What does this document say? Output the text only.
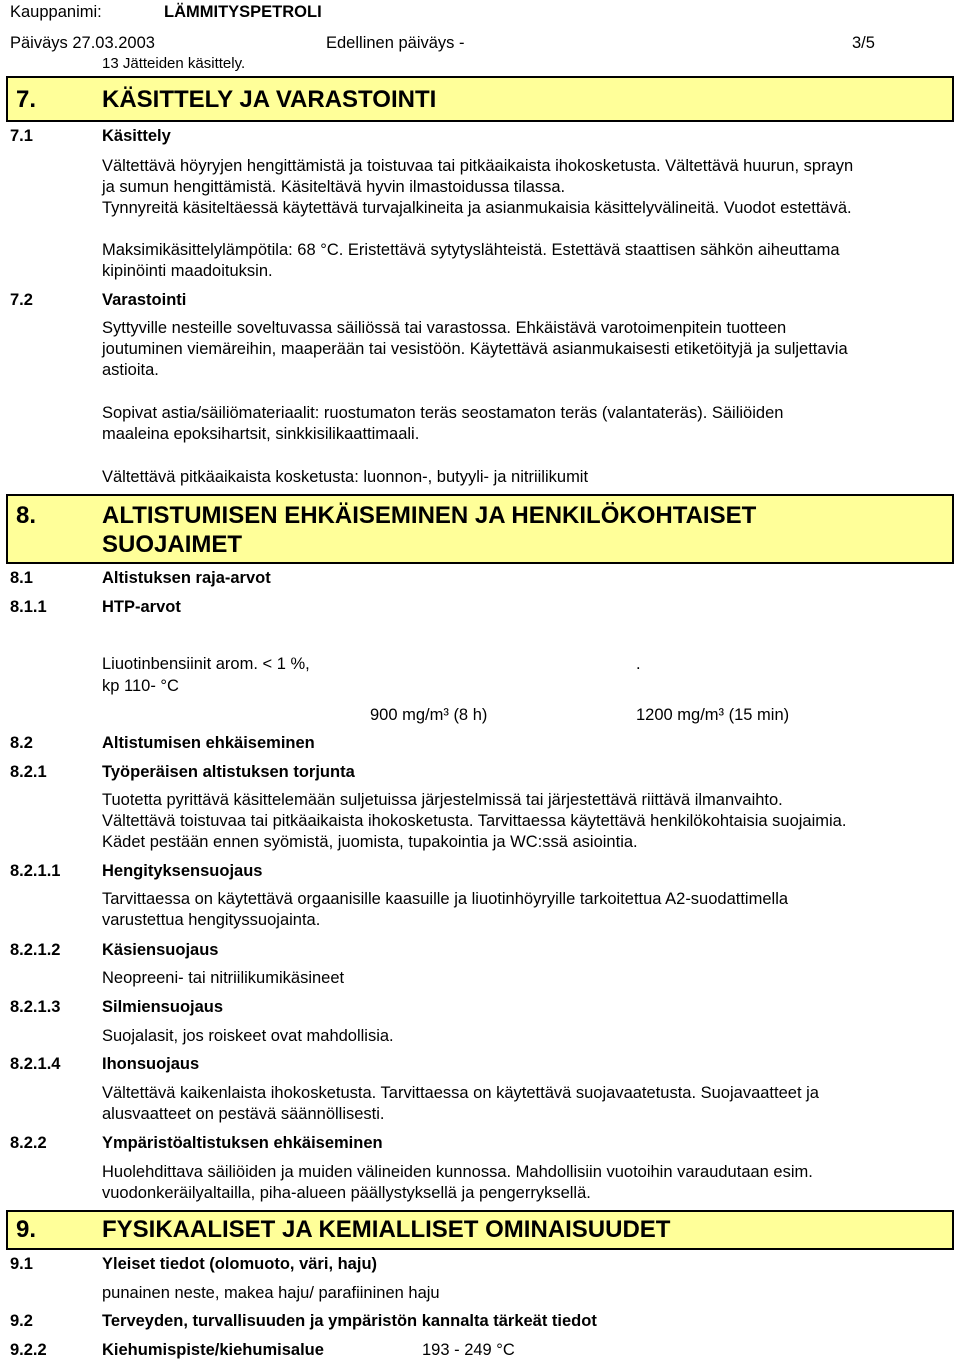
Kauppanimi:	LÄMMITYSPETROLI
Päiväys 27.03.2003	Edellinen päiväys -	3/5
13 Jätteiden käsittely.
7.	KÄSITTELY JA VARASTOINTI
7.1	Käsittely
Vältettävä höyryjen hengittämistä ja toistuvaa tai pitkäaikaista ihokosketusta. Vältettävä huurun, sprayn
ja sumun hengittämistä. Käsiteltävä hyvin ilmastoidussa tilassa.
Tynnyreitä käsiteltäessä käytettävä turvajalkineita ja asianmukaisia käsittelyvälineitä. Vuodot estettävä.
Maksimikäsittelylämpötila: 68 °C. Eristettävä sytytyslähteistä. Estettävä staattisen sähkön aiheuttama
kipinöinti maadoituksin.
7.2	Varastointi
Syttyville nesteille soveltuvassa säiliössä tai varastossa. Ehkäistävä varotoimenpitein tuotteen
joutuminen viemäreihin, maaperään tai vesistöön. Käytettävä asianmukaisesti etiketöityjä ja suljettavia
astioita.
Sopivat astia/säiliömateriaalit: ruostumaton teräs seostamaton teräs (valantateräs). Säiliöiden
maaleina epoksihartsit, sinkkisilikaattimaali.
Vältettävä pitkäaikaista kosketusta: luonnon-, butyyli- ja nitriilikumit
8.	ALTISTUMISEN EHKÄISEMINEN JA HENKILÖKOHTAISET
SUOJAIMET
8.1	Altistuksen raja-arvot
8.1.1	HTP-arvot
Liuotinbensiinit arom. < 1 %,	.
kp 110- °C
900 mg/m³ (8 h)	1200 mg/m³ (15 min)
8.2	Altistumisen ehkäiseminen
8.2.1	Työperäisen altistuksen torjunta
Tuotetta pyrittävä käsittelemään suljetuissa järjestelmissä tai järjestettävä riittävä ilmanvaihto.
Vältettävä toistuvaa tai pitkäaikaista ihokosketusta. Tarvittaessa käytettävä henkilökohtaisia suojaimia.
Kädet pestään ennen syömistä, juomista, tupakointia ja WC:ssä asiointia.
8.2.1.1	Hengityksensuojaus
Tarvittaessa on käytettävä orgaanisille kaasuille ja liuotinhöyryille tarkoitettua A2-suodattimella
varustettua hengityssuojainta.
8.2.1.2	Käsiensuojaus
Neopreeni- tai nitriilikumikäsineet
8.2.1.3	Silmiensuojaus
Suojalasit, jos roiskeet ovat mahdollisia.
8.2.1.4	Ihonsuojaus
Vältettävä kaikenlaista ihokosketusta. Tarvittaessa on käytettävä suojavaatetusta. Suojavaatteet ja
alusvaatteet on pestävä säännöllisesti.
8.2.2	Ympäristöaltistuksen ehkäiseminen
Huolehdittava säiliöiden ja muiden välineiden kunnossa. Mahdollisiin vuotoihin varaudutaan esim.
vuodonkeräilyaltailla, piha-alueen päällystyksellä ja pengerryksellä.
9.	FYSIKAALISET JA KEMIALLISET OMINAISUUDET
9.1	Yleiset tiedot (olomuoto, väri, haju)
punainen neste, makea haju/ parafiininen haju
9.2	Terveyden, turvallisuuden ja ympäristön kannalta tärkeät tiedot
9.2.2	Kiehumispiste/kiehumisalue	193 - 249 °C
